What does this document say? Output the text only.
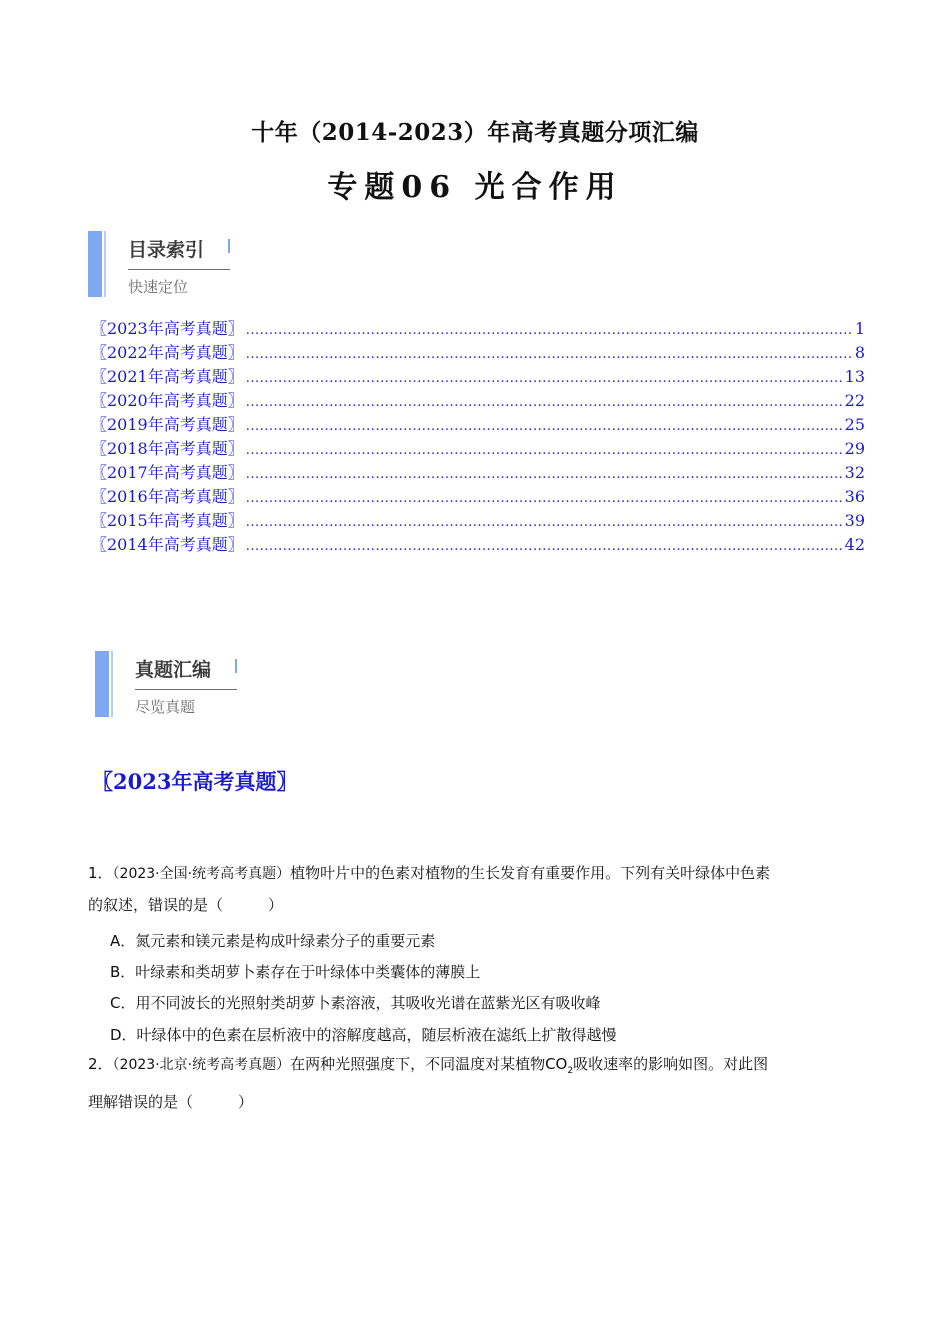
十年（2014-2023）年高考真题分项汇编
专题06 光合作用
目录索引
快速定位
〖2023年高考真题〗 .....	1
〖2022年高考真题〗 .....	8
〖2021年高考真题〗 .....	13
〖2020年高考真题〗 .....	22
〖2019年高考真题〗 .....	25
〖2018年高考真题〗 .....	29
〖2017年高考真题〗 .....	32
〖2016年高考真题〗 .....	36
〖2015年高考真题〗 .....	39
〖2014年高考真题〗 .....	42
真题汇编
尽览真题
〖2023年高考真题〗
1．（2023·全国·统考高考真题）植物叶片中的色素对植物的生长发育有重要作用。下列有关叶绿体中色素
的叙述，错误的是（　　　）
A．氮元素和镁元素是构成叶绿素分子的重要元素
B．叶绿素和类胡萝卜素存在于叶绿体中类囊体的薄膜上
C．用不同波长的光照射类胡萝卜素溶液，其吸收光谱在蓝紫光区有吸收峰
D．叶绿体中的色素在层析液中的溶解度越高，随层析液在滤纸上扩散得越慢
2．（2023·北京·统考高考真题）在两种光照强度下，不同温度对某植物$CO_2$吸收速率的影响如图。对此图
理解错误的是（　　　）
